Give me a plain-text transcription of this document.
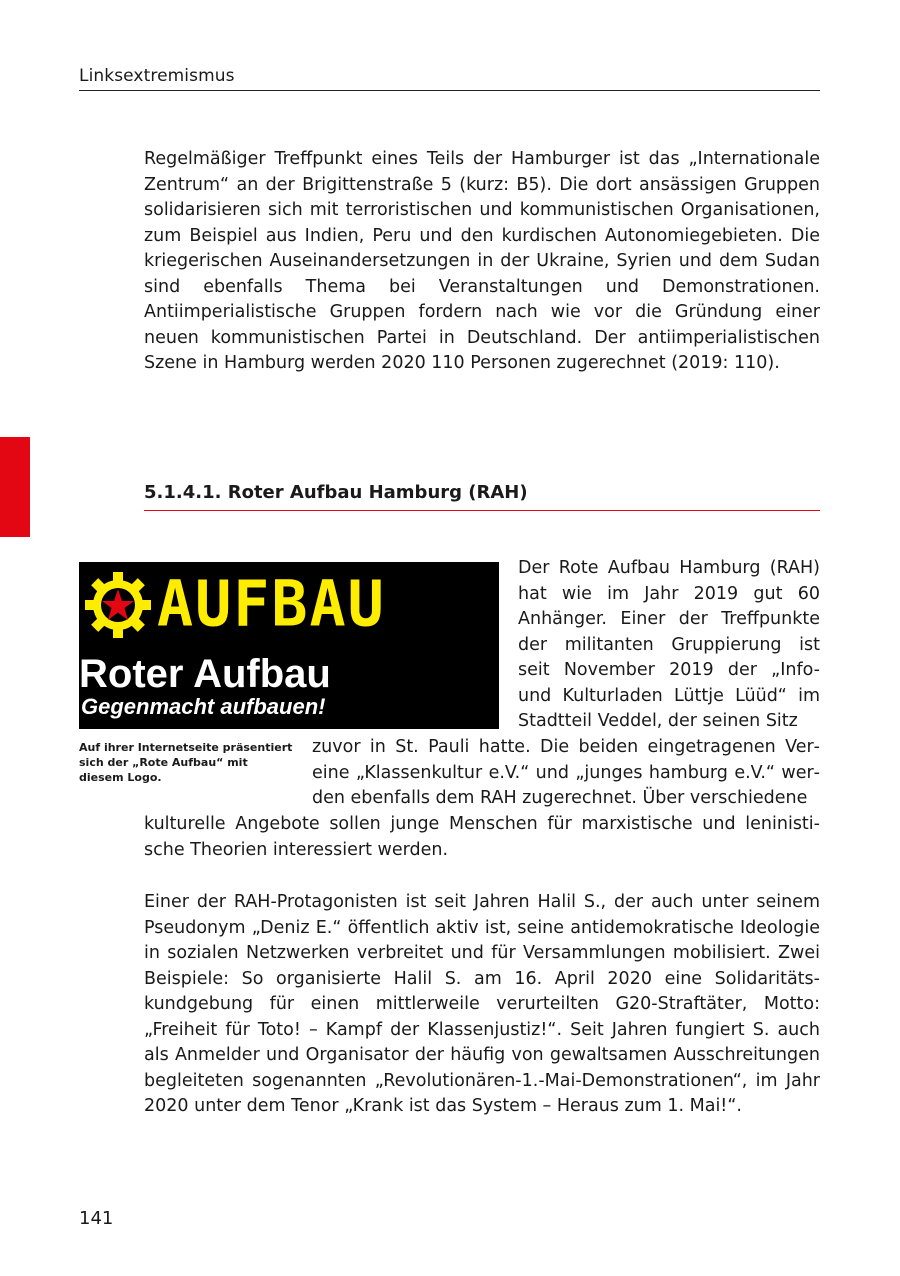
Linksextremismus

Regelmäßiger Treffpunkt eines Teils der Hamburger ist das „Internationale Zentrum“ an der Brigittenstraße 5 (kurz: B5). Die dort ansässigen Gruppen solidarisieren sich mit terroristischen und kommunistischen Organisationen, zum Beispiel aus Indien, Peru und den kurdischen Autonomiegebieten. Die kriegerischen Auseinandersetzungen in der Ukraine, Syrien und dem Sudan sind ebenfalls Thema bei Veranstaltungen und Demonstrationen. Antiimperialistische Gruppen fordern nach wie vor die Gründung einer neuen kommunistischen Partei in Deutschland. Der antiimperialistischen Szene in Hamburg werden 2020 110 Personen zugerechnet (2019: 110).

5.1.4.1. Roter Aufbau Hamburg (RAH)
AUFBAU
Roter Aufbau
Gegenmacht aufbauen!

Auf ihrer Internetseite präsentiert sich der „Rote Aufbau“ mit diesem Logo.

Der Rote Aufbau Hamburg (RAH) hat wie im Jahr 2019 gut 60 Anhänger. Einer der Treffpunkte der militanten Gruppierung ist seit November 2019 der „Info- und Kulturladen Lüttje Lüüd“ im Stadtteil Veddel, der seinen Sitz

zuvor in St. Pauli hatte. Die beiden eingetragenen Vereine „Klassenkultur e.V.“ und „junges hamburg e.V.“ werden ebenfalls dem RAH zugerechnet. Über verschiedene

kulturelle Angebote sollen junge Menschen für marxistische und leninistische Theorien interessiert werden.

Einer der RAH-Protagonisten ist seit Jahren Halil S., der auch unter seinem Pseudonym „Deniz E.“ öffentlich aktiv ist, seine antidemokratische Ideologie in sozialen Netzwerken verbreitet und für Versammlungen mobilisiert. Zwei Beispiele: So organisierte Halil S. am 16. April 2020 eine Solidaritätskundgebung für einen mittlerweile verurteilten G20-Straftäter, Motto: „Freiheit für Toto! – Kampf der Klassenjustiz!“. Seit Jahren fungiert S. auch als Anmelder und Organisator der häufig von gewaltsamen Ausschreitungen begleiteten sogenannten „Revolutionären-1.-Mai-Demonstrationen“, im Jahr 2020 unter dem Tenor „Krank ist das System – Heraus zum 1. Mai!“.

141
